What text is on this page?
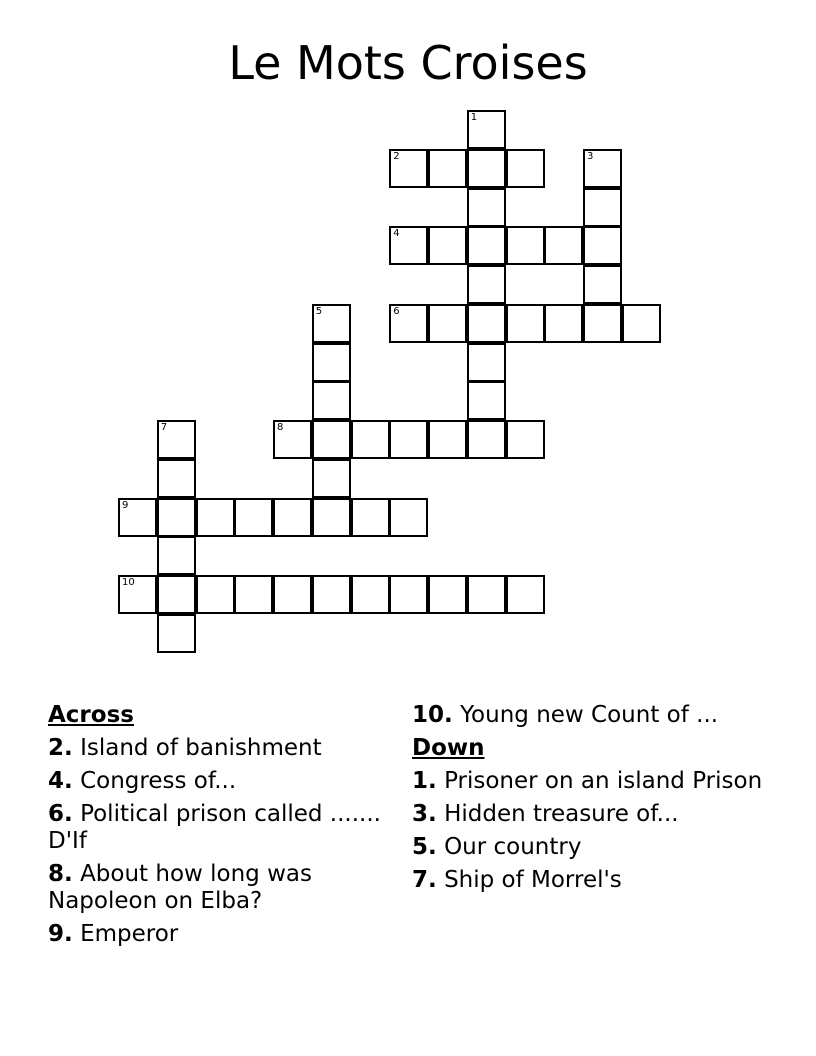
Le Mots Croises
1
2	3
4
5	6
7	8
9
10
Across
2. Island of banishment
4. Congress of...
6. Political prison called ....... D'If
8. About how long was Napoleon on Elba?
9. Emperor
10. Young new Count of ...
Down
1. Prisoner on an island Prison
3. Hidden treasure of...
5. Our country
7. Ship of Morrel's
